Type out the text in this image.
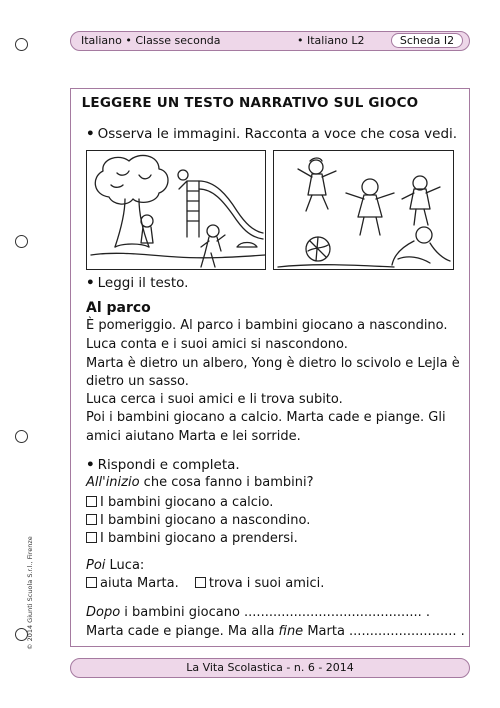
Italiano • Classe seconda	• Italiano L2	Scheda I2
LEGGERE UN TESTO NARRATIVO SUL GIOCO
• Osserva le immagini. Racconta a voce che cosa vedi.
• Leggi il testo.
Al parco
È pomeriggio. Al parco i bambini giocano a nascondino.
Luca conta e i suoi amici si nascondono.
Marta è dietro un albero, Yong è dietro lo scivolo e Lejla è
dietro un sasso.
Luca cerca i suoi amici e li trova subito.
Poi i bambini giocano a calcio. Marta cade e piange. Gli
amici aiutano Marta e lei sorride.
• Rispondi e completa.
All'inizio che cosa fanno i bambini?
I bambini giocano a calcio.
I bambini giocano a nascondino.
I bambini giocano a prendersi.
Poi Luca:
aiuta Marta. trova i suoi amici.
Dopo i bambini giocano ........................................... .
Marta cade e piange. Ma alla fine Marta .......................... .
© 2014 Giunti Scuola S.r.l., Firenze
La Vita Scolastica - n. 6 - 2014
